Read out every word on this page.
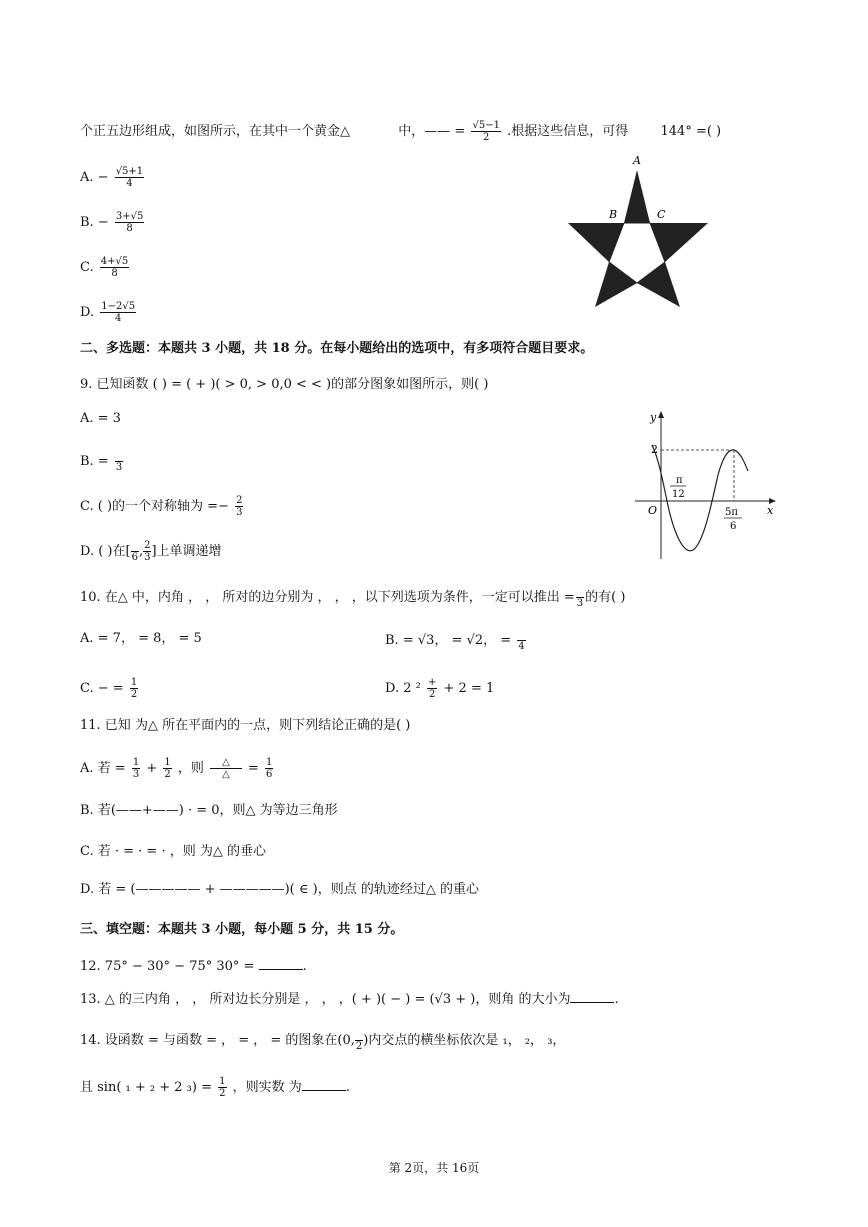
个正五边形组成，如图所示，在其中一个黄金△	中，—— = $\frac{√5-1}{2}$ .根据这些信息，可得 144° =( )
A. − $\frac{√5+1}{4}$
B. − $\frac{3+√5}{8}$
C. $\frac{4+√5}{8}$
D. $\frac{1-2√5}{4}$
A
B	C
二、多选题：本题共 3 小题，共 18 分。在每小题给出的选项中，有多项符合题目要求。
9. 已知函数 ( ) = ( + )( > 0, > 0,0 < < )的部分图象如图所示，则( )
A. = 3
B. =
3
C. ( )的一个对称轴为 =− $\frac{2}{3}$
D. ( )在[
6 , $\frac{2}{3}$ ]上单调递增
y
x
O
2
π
12
5π
6
10. 在△ 中，内角 ， ， 所对的边分别为 ， ， ，以下列选项为条件，一定可以推出 =
3 的有( )
A. = 7， = 8， = 5	B. = √3， = √2， =
4
C. − = $\frac{1}{2}$	D. 2 $^2 \frac{+}{2} + 2 = 1$
11. 已知 为△ 所在平面内的一点，则下列结论正确的是( )
A. 若 = $\frac{1}{3} + \frac{1}{2}$ ，则 $\frac{\triangle}{\triangle} = \frac{1}{6}$
B. 若(——+——) · = 0，则△ 为等边三角形
C. 若 · = · = · ，则 为△ 的垂心
D. 若 = (————— + —————)( ∈ )，则点 的轨迹经过△ 的重心
三、填空题：本题共 3 小题，每小题 5 分，共 15 分。
12. 75° − 30° − 75° 30° =	.
13. △ 的三内角 ， ， 所对边长分别是 ， ， ，( + )( − ) = (√3 + )，则角 的大小为	.
14. 设函数 = 与函数 = ， = ， = 的图象在(0,
2 )内交点的横坐标依次是 ₁， ₂， ₃，
且 sin( ₁ + ₂ + 2 $_3) = \frac{1}{2}$ ，则实数 为	.
第 2页，共 16页
